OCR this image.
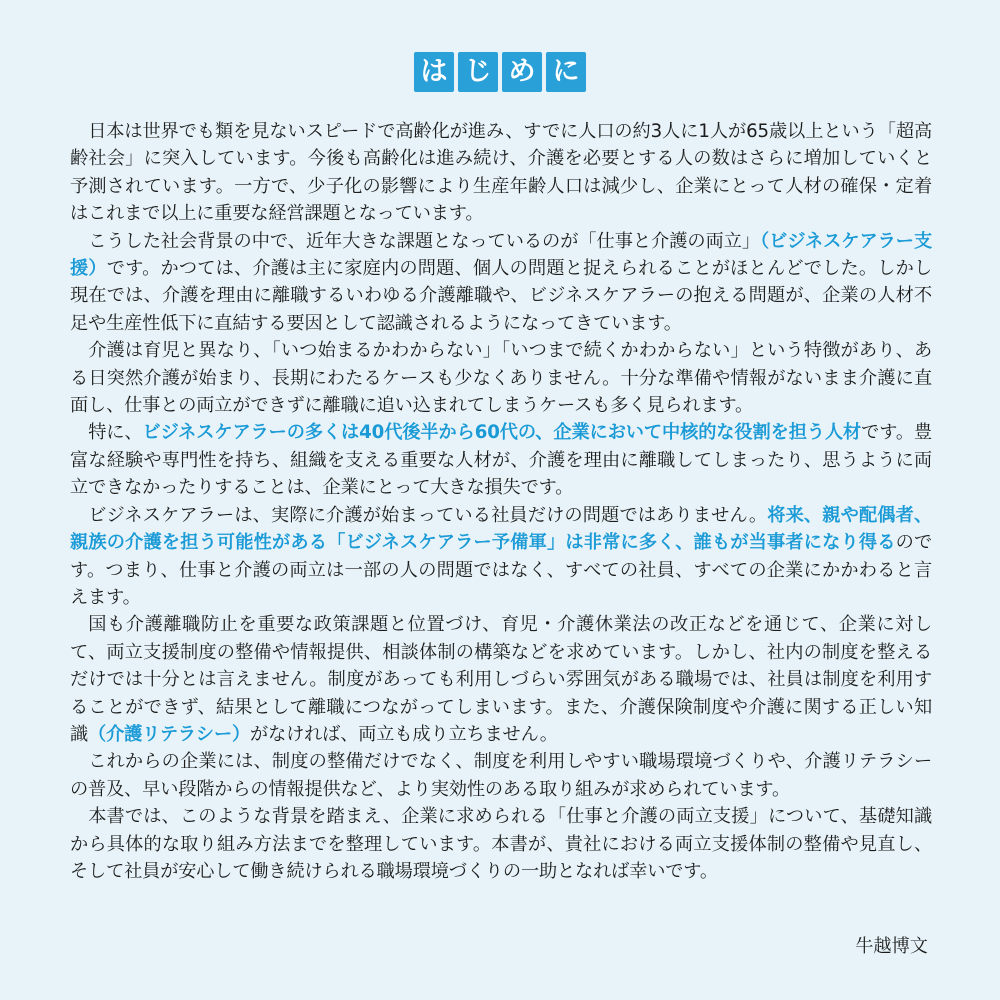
は じ め に

日本は世界でも類を見ないスピードで高齢化が進み、すでに人口の約3人に1人が65歳以上という「超高齢社会」に突入しています。今後も高齢化は進み続け、介護を必要とする人の数はさらに増加していくと予測されています。一方で、少子化の影響により生産年齢人口は減少し、企業にとって人材の確保・定着はこれまで以上に重要な経営課題となっています。

こうした社会背景の中で、近年大きな課題となっているのが「仕事と介護の両立」（ビジネスケアラー支援）です。かつては、介護は主に家庭内の問題、個人の問題と捉えられることがほとんどでした。しかし現在では、介護を理由に離職するいわゆる介護離職や、ビジネスケアラーの抱える問題が、企業の人材不足や生産性低下に直結する要因として認識されるようになってきています。

介護は育児と異なり、「いつ始まるかわからない」「いつまで続くかわからない」という特徴があり、ある日突然介護が始まり、長期にわたるケースも少なくありません。十分な準備や情報がないまま介護に直面し、仕事との両立ができずに離職に追い込まれてしまうケースも多く見られます。

特に、ビジネスケアラーの多くは40代後半から60代の、企業において中核的な役割を担う人材です。豊富な経験や専門性を持ち、組織を支える重要な人材が、介護を理由に離職してしまったり、思うように両立できなかったりすることは、企業にとって大きな損失です。

ビジネスケアラーは、実際に介護が始まっている社員だけの問題ではありません。将来、親や配偶者、親族の介護を担う可能性がある「ビジネスケアラー予備軍」は非常に多く、誰もが当事者になり得るのです。つまり、仕事と介護の両立は一部の人の問題ではなく、すべての社員、すべての企業にかかわると言えます。

国も介護離職防止を重要な政策課題と位置づけ、育児・介護休業法の改正などを通じて、企業に対して、両立支援制度の整備や情報提供、相談体制の構築などを求めています。しかし、社内の制度を整えるだけでは十分とは言えません。制度があっても利用しづらい雰囲気がある職場では、社員は制度を利用することができず、結果として離職につながってしまいます。また、介護保険制度や介護に関する正しい知識（介護リテラシー）がなければ、両立も成り立ちません。

これからの企業には、制度の整備だけでなく、制度を利用しやすい職場環境づくりや、介護リテラシーの普及、早い段階からの情報提供など、より実効性のある取り組みが求められています。

本書では、このような背景を踏まえ、企業に求められる「仕事と介護の両立支援」について、基礎知識から具体的な取り組み方法までを整理しています。本書が、貴社における両立支援体制の整備や見直し、そして社員が安心して働き続けられる職場環境づくりの一助となれば幸いです。

牛越博文
